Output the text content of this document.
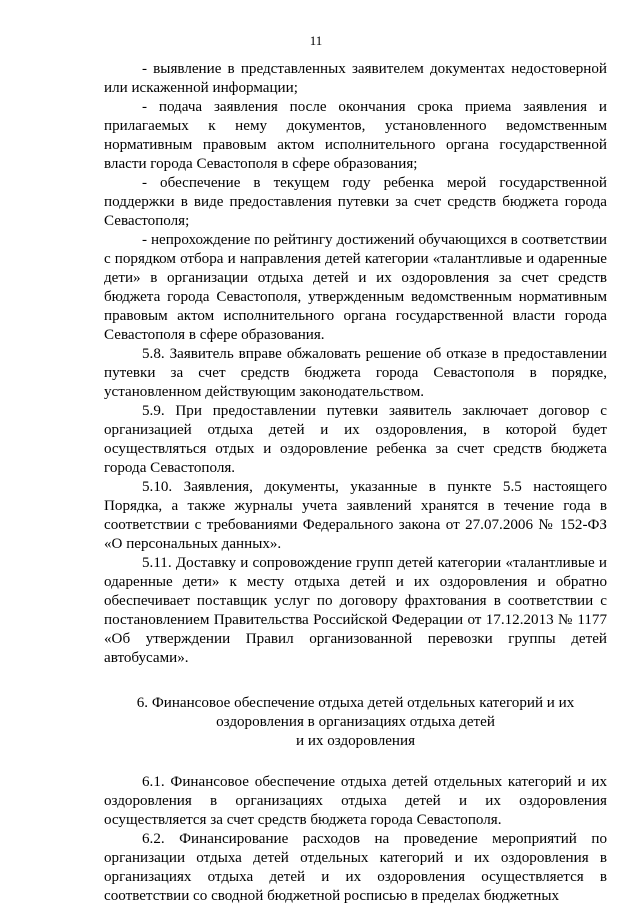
11

- выявление в представленных заявителем документах недостоверной или искаженной информации;

- подача заявления после окончания срока приема заявления и прилагаемых к нему документов, установленного ведомственным нормативным правовым актом исполнительного органа государственной власти города Севастополя в сфере образования;

- обеспечение в текущем году ребенка мерой государственной поддержки в виде предоставления путевки за счет средств бюджета города Севастополя;

- непрохождение по рейтингу достижений обучающихся в соответствии с порядком отбора и направления детей категории «талантливые и одаренные дети» в организации отдыха детей и их оздоровления за счет средств бюджета города Севастополя, утвержденным ведомственным нормативным правовым актом исполнительного органа государственной власти города Севастополя в сфере образования.

5.8. Заявитель вправе обжаловать решение об отказе в предоставлении путевки за счет средств бюджета города Севастополя в порядке, установленном действующим законодательством.

5.9. При предоставлении путевки заявитель заключает договор с организацией отдыха детей и их оздоровления, в которой будет осуществляться отдых и оздоровление ребенка за счет средств бюджета города Севастополя.

5.10. Заявления, документы, указанные в пункте 5.5 настоящего Порядка, а также журналы учета заявлений хранятся в течение года в соответствии с требованиями Федерального закона от 27.07.2006 № 152-ФЗ «О персональных данных».

5.11. Доставку и сопровождение групп детей категории «талантливые и одаренные дети» к месту отдыха детей и их оздоровления и обратно обеспечивает поставщик услуг по договору фрахтования в соответствии с постановлением Правительства Российской Федерации от 17.12.2013 № 1177 «Об утверждении Правил организованной перевозки группы детей автобусами».

6. Финансовое обеспечение отдыха детей отдельных категорий и их
оздоровления в организациях отдыха детей
и их оздоровления

6.1. Финансовое обеспечение отдыха детей отдельных категорий и их оздоровления в организациях отдыха детей и их оздоровления осуществляется за счет средств бюджета города Севастополя.

6.2. Финансирование расходов на проведение мероприятий по организации отдыха детей отдельных категорий и их оздоровления в организациях отдыха детей и их оздоровления осуществляется в соответствии со сводной бюджетной росписью в пределах бюджетных
